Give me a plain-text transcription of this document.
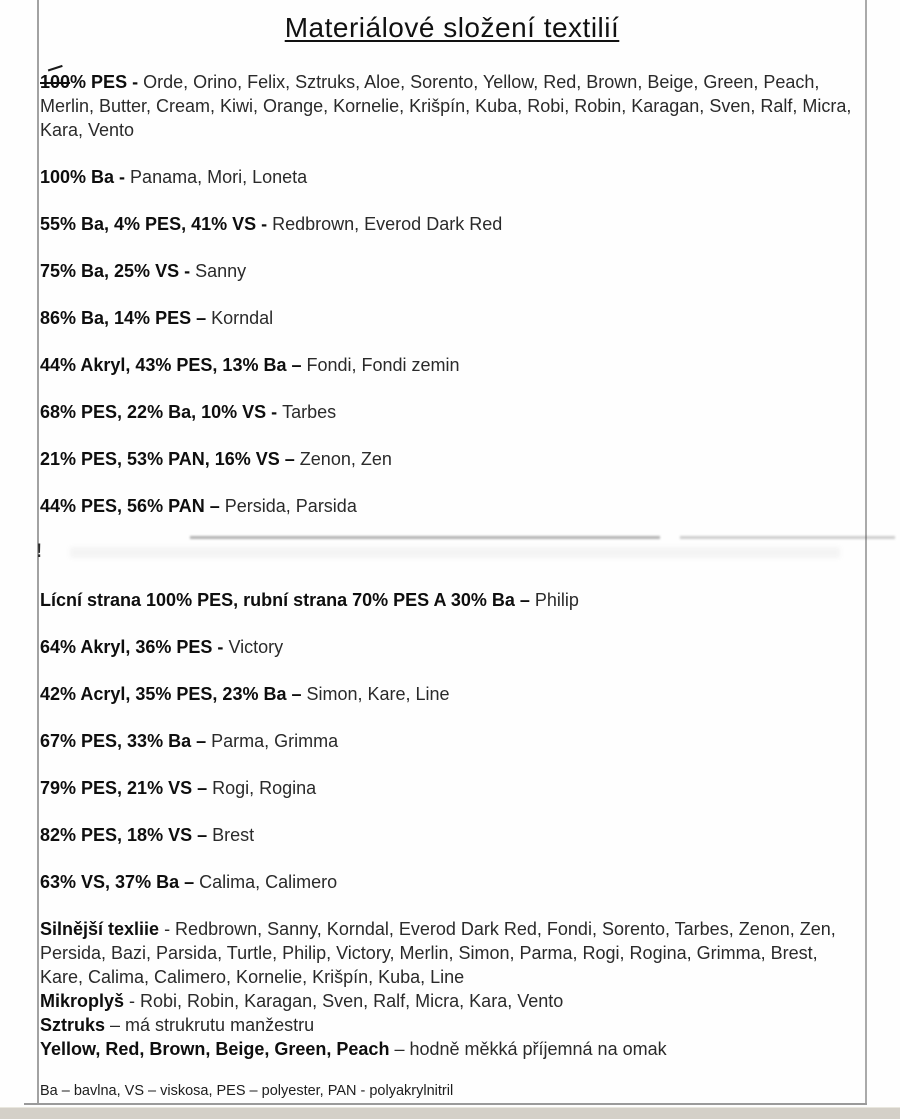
Materiálové složení textilií

100% PES - Orde, Orino, Felix, Sztruks, Aloe, Sorento, Yellow, Red, Brown, Beige, Green, Peach, Merlin, Butter, Cream, Kiwi, Orange, Kornelie, Krišpín, Kuba, Robi, Robin, Karagan, Sven, Ralf, Micra, Kara, Vento

100% Ba - Panama, Mori, Loneta

55% Ba, 4% PES, 41% VS - Redbrown, Everod Dark Red

75% Ba, 25% VS - Sanny

86% Ba, 14% PES – Korndal

44% Akryl, 43% PES, 13% Ba – Fondi, Fondi zemin

68% PES, 22% Ba, 10% VS - Tarbes

21% PES, 53% PAN, 16% VS – Zenon, Zen

44% PES, 56% PAN – Persida, Parsida

!

Lícní strana 100% PES, rubní strana 70% PES A 30% Ba – Philip

64% Akryl, 36% PES - Victory

42% Acryl, 35% PES, 23% Ba – Simon, Kare, Line

67% PES, 33% Ba – Parma, Grimma

79% PES, 21% VS – Rogi, Rogina

82% PES, 18% VS – Brest

63% VS, 37% Ba – Calima, Calimero

Silnější texliie - Redbrown, Sanny, Korndal, Everod Dark Red, Fondi, Sorento, Tarbes, Zenon, Zen, Persida, Bazi, Parsida, Turtle, Philip, Victory, Merlin, Simon, Parma, Rogi, Rogina, Grimma, Brest, Kare, Calima, Calimero, Kornelie, Krišpín, Kuba, Line

Mikroplyš - Robi, Robin, Karagan, Sven, Ralf, Micra, Kara, Vento

Sztruks – má strukrutu manžestru

Yellow, Red, Brown, Beige, Green, Peach – hodně měkká příjemná na omak

Ba – bavlna, VS – viskosa, PES – polyester, PAN - polyakrylnitril
